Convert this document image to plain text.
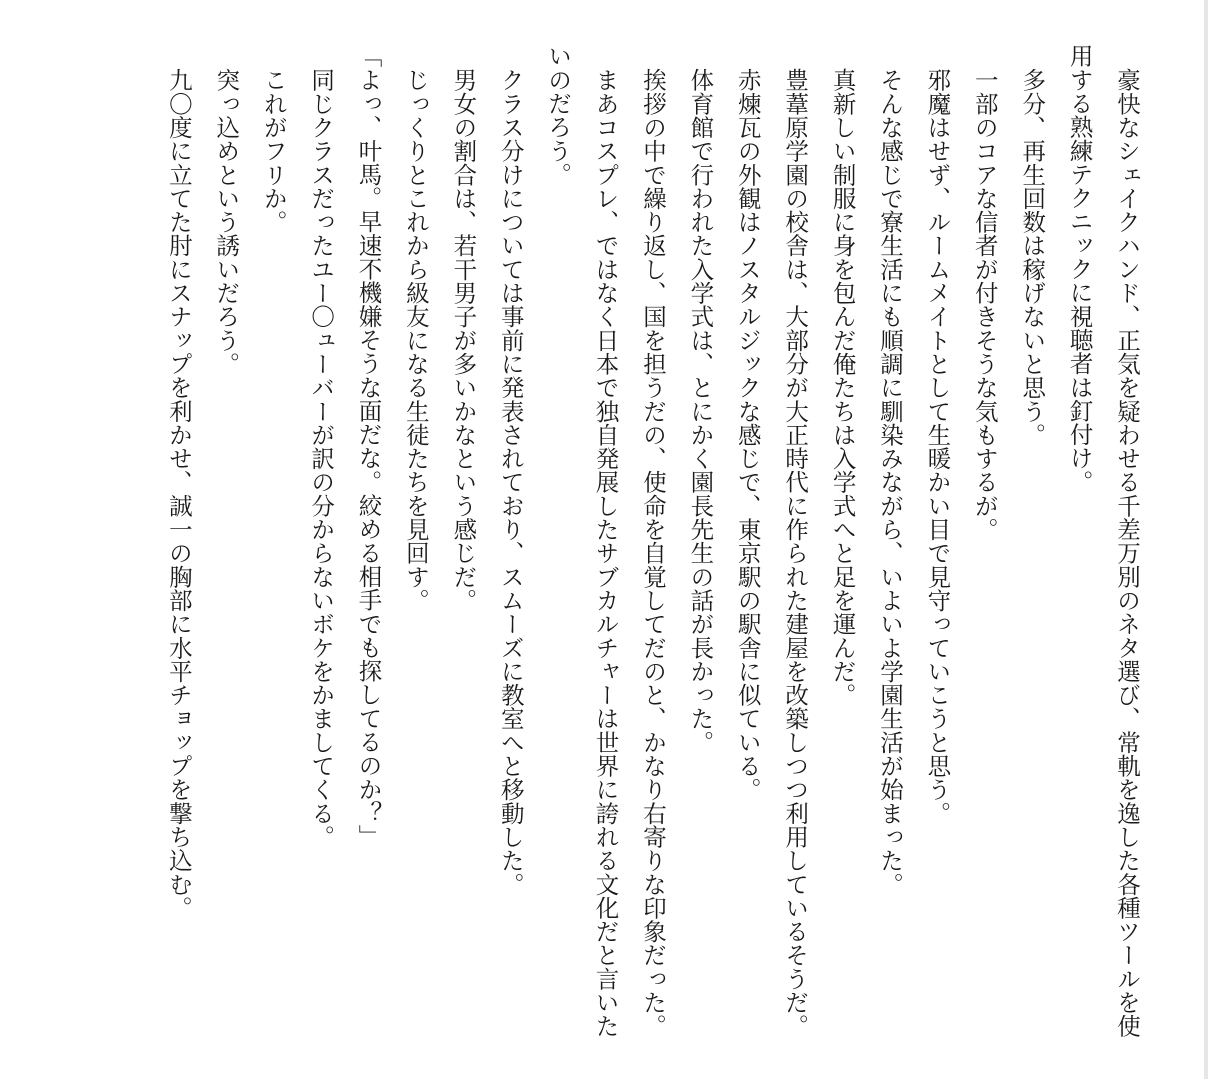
豪快なシェイクハンド、正気を疑わせる千差万別のネタ選び、常軌を逸した各種ツールを使用する熟練テクニックに視聴者は釘付け。

多分、再生回数は稼げないと思う。

一部のコアな信者が付きそうな気もするが。

邪魔はせず、ルームメイトとして生暖かい目で見守っていこうと思う。

そんな感じで寮生活にも順調に馴染みながら、いよいよ学園生活が始まった。

真新しい制服に身を包んだ俺たちは入学式へと足を運んだ。

豊葦原学園の校舎は、大部分が大正時代に作られた建屋を改築しつつ利用しているそうだ。

赤煉瓦の外観はノスタルジックな感じで、東京駅の駅舎に似ている。

体育館で行われた入学式は、とにかく園長先生の話が長かった。

挨拶の中で繰り返し、国を担うだの、使命を自覚してだのと、かなり右寄りな印象だった。

まあコスプレ、ではなく日本で独自発展したサブカルチャーは世界に誇れる文化だと言いたいのだろう。

クラス分けについては事前に発表されており、スムーズに教室へと移動した。

男女の割合は、若干男子が多いかなという感じだ。

じっくりとこれから級友になる生徒たちを見回す。

「よっ、叶馬。早速不機嫌そうな面だな。絞める相手でも探してるのか？」

同じクラスだったユー〇ューバーが訳の分からないボケをかましてくる。

これがフリか。

突っ込めという誘いだろう。

九〇度に立てた肘にスナップを利かせ、誠一の胸部に水平チョップを撃ち込む。
